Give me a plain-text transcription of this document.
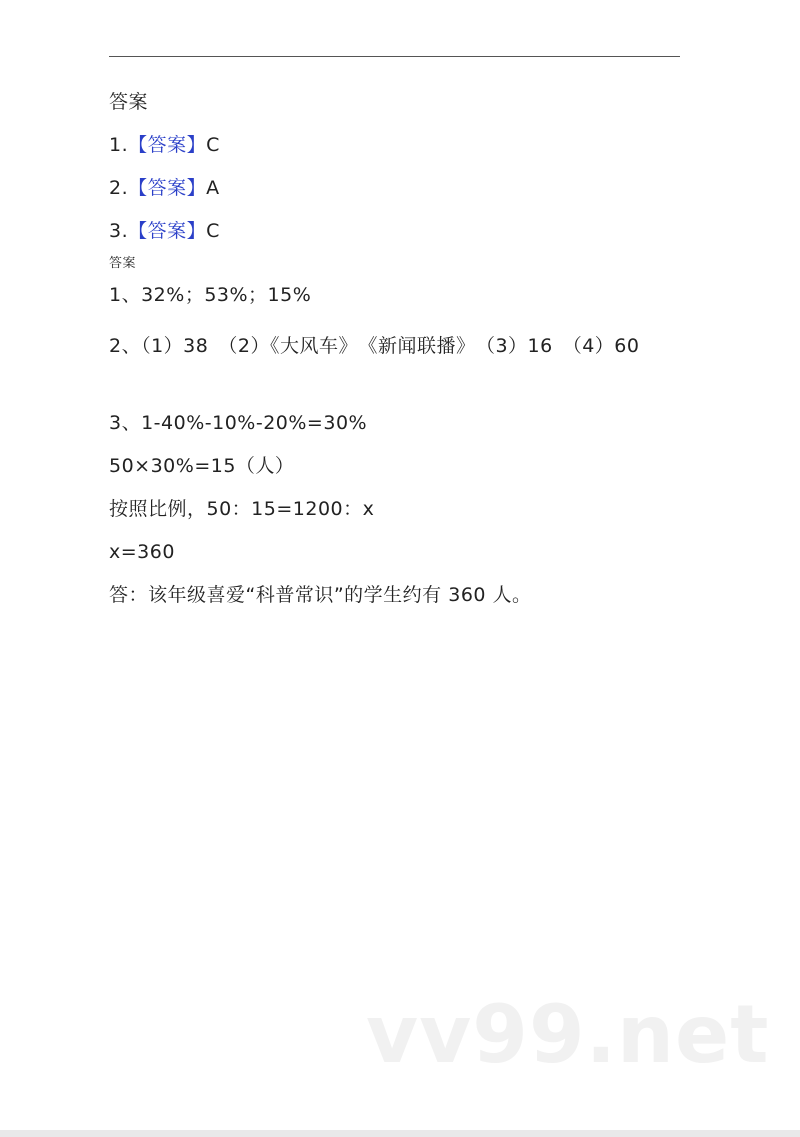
答案
1.【答案】C
2.【答案】A
3.【答案】C
答案
1、32%；53%；15%
2、（1）38　（2）《大风车》　《新闻联播》　（3）16　（4）60
3、1-40%-10%-20%=30%
50×30%=15（人）
按照比例，50：15=1200：x
x=360
答：该年级喜爱“科普常识”的学生约有 360 人。
vv99.net
